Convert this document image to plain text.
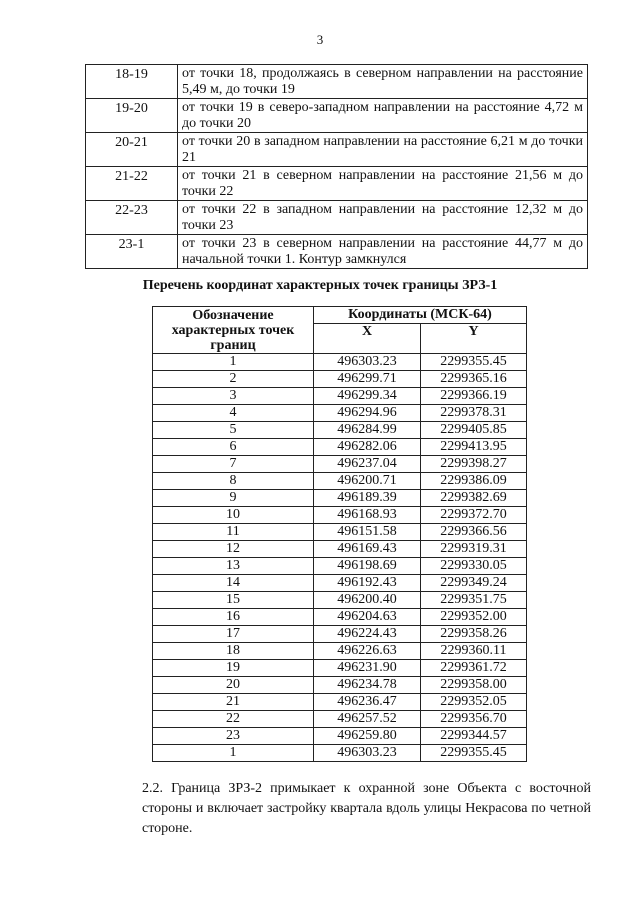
3
18-19	от точки 18, продолжаясь в северном направлении на расстояние 5,49 м, до точки 19
19-20	от точки 19 в северо-западном направлении на расстояние 4,72 м до точки 20
20-21	от точки 20 в западном направлении на расстояние 6,21 м до точки 21
21-22	от точки 21 в северном направлении на расстояние 21,56 м до точки 22
22-23	от точки 22 в западном направлении на расстояние 12,32 м до точки 23
23-1	от точки 23 в северном направлении на расстояние 44,77 м до начальной точки 1. Контур замкнулся
Перечень координат характерных точек границы ЗРЗ-1
Обозначение характерных точек границ	Координаты (МСК-64)	
	X	Y
1	496303.23	2299355.45
2	496299.71	2299365.16
3	496299.34	2299366.19
4	496294.96	2299378.31
5	496284.99	2299405.85
6	496282.06	2299413.95
7	496237.04	2299398.27
8	496200.71	2299386.09
9	496189.39	2299382.69
10	496168.93	2299372.70
11	496151.58	2299366.56
12	496169.43	2299319.31
13	496198.69	2299330.05
14	496192.43	2299349.24
15	496200.40	2299351.75
16	496204.63	2299352.00
17	496224.43	2299358.26
18	496226.63	2299360.11
19	496231.90	2299361.72
20	496234.78	2299358.00
21	496236.47	2299352.05
22	496257.52	2299356.70
23	496259.80	2299344.57
1	496303.23	2299355.45
2.2. Граница ЗРЗ-2 примыкает к охранной зоне Объекта с восточной стороны и включает застройку квартала вдоль улицы Некрасова по четной стороне.
